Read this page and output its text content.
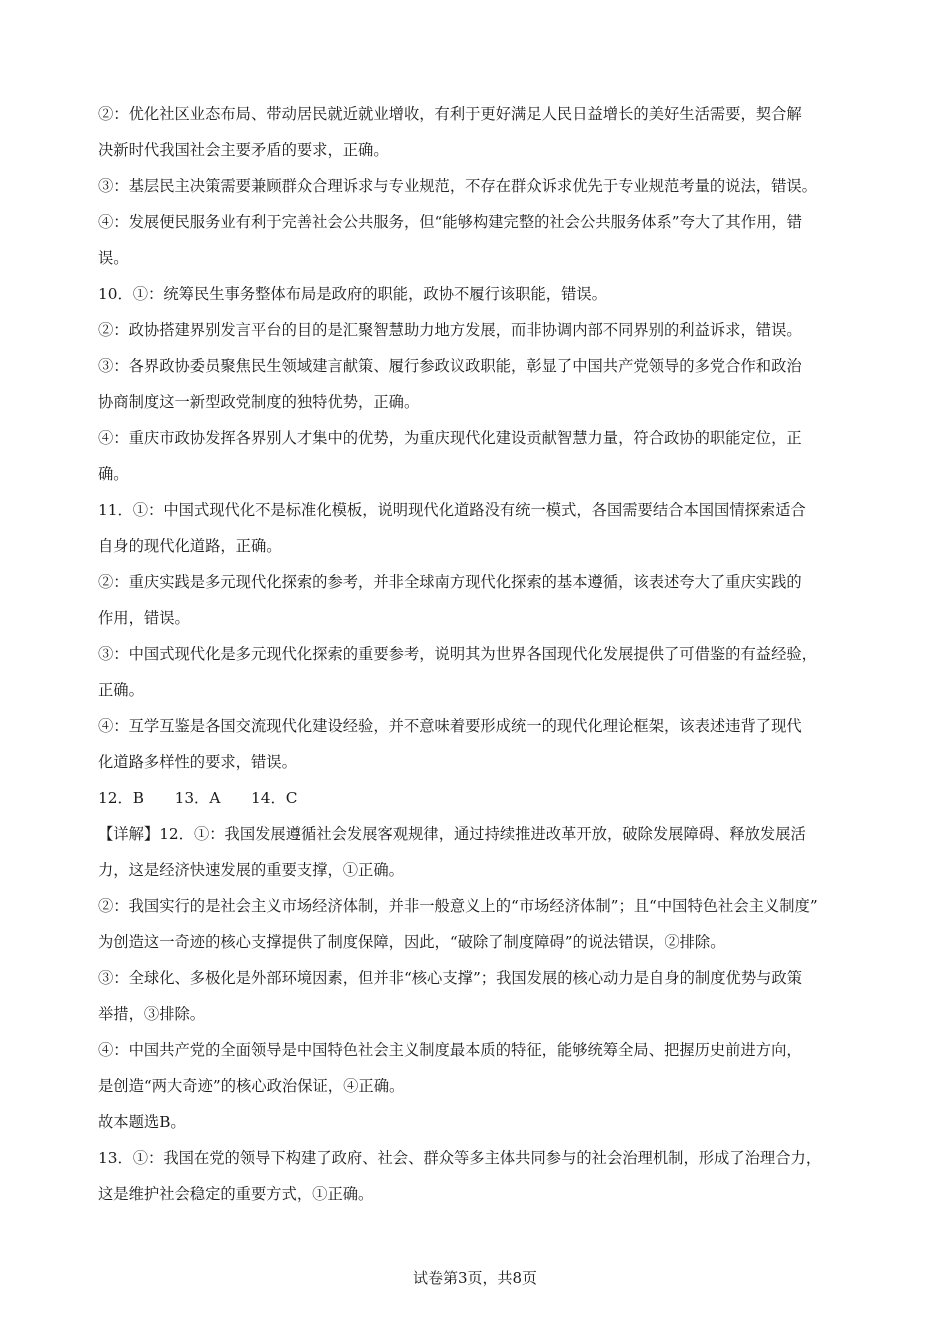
②：优化社区业态布局、带动居民就近就业增收，有利于更好满足人民日益增长的美好生活需要，契合解
决新时代我国社会主要矛盾的要求，正确。
③：基层民主决策需要兼顾群众合理诉求与专业规范，不存在群众诉求优先于专业规范考量的说法，错误。
④：发展便民服务业有利于完善社会公共服务，但“能够构建完整的社会公共服务体系”夸大了其作用，错
误。
10．①：统筹民生事务整体布局是政府的职能，政协不履行该职能，错误。
②：政协搭建界别发言平台的目的是汇聚智慧助力地方发展，而非协调内部不同界别的利益诉求，错误。
③：各界政协委员聚焦民生领域建言献策、履行参政议政职能，彰显了中国共产党领导的多党合作和政治
协商制度这一新型政党制度的独特优势，正确。
④：重庆市政协发挥各界别人才集中的优势，为重庆现代化建设贡献智慧力量，符合政协的职能定位，正
确。
11．①：中国式现代化不是标准化模板，说明现代化道路没有统一模式，各国需要结合本国国情探索适合
自身的现代化道路，正确。
②：重庆实践是多元现代化探索的参考，并非全球南方现代化探索的基本遵循，该表述夸大了重庆实践的
作用，错误。
③：中国式现代化是多元现代化探索的重要参考，说明其为世界各国现代化发展提供了可借鉴的有益经验，
正确。
④：互学互鉴是各国交流现代化建设经验，并不意味着要形成统一的现代化理论框架，该表述违背了现代
化道路多样性的要求，错误。
12．B　　13．A　　14．C
【详解】12．①：我国发展遵循社会发展客观规律，通过持续推进改革开放，破除发展障碍、释放发展活
力，这是经济快速发展的重要支撑，①正确。
②：我国实行的是社会主义市场经济体制，并非一般意义上的“市场经济体制”；且“中国特色社会主义制度”
为创造这一奇迹的核心支撑提供了制度保障，因此，“破除了制度障碍”的说法错误，②排除。
③：全球化、多极化是外部环境因素，但并非“核心支撑”；我国发展的核心动力是自身的制度优势与政策
举措，③排除。
④：中国共产党的全面领导是中国特色社会主义制度最本质的特征，能够统筹全局、把握历史前进方向，
是创造“两大奇迹”的核心政治保证，④正确。
故本题选B。
13．①：我国在党的领导下构建了政府、社会、群众等多主体共同参与的社会治理机制，形成了治理合力，
这是维护社会稳定的重要方式，①正确。
试卷第3页，共8页
